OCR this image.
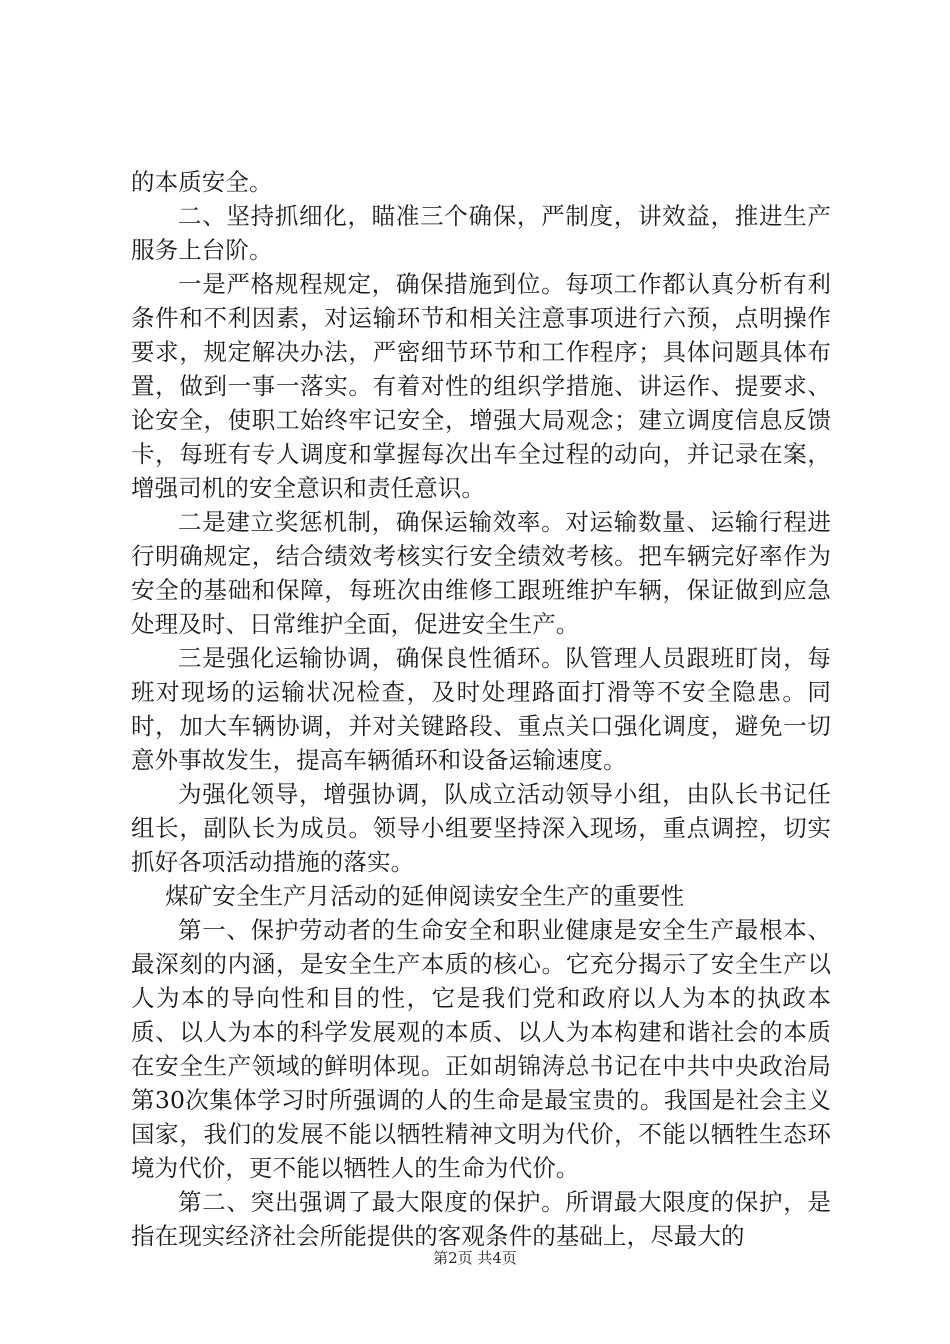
的本质安全。

二、坚持抓细化，瞄准三个确保，严制度，讲效益，推进生产服务上台阶。

一是严格规程规定，确保措施到位。每项工作都认真分析有利条件和不利因素，对运输环节和相关注意事项进行六预，点明操作要求，规定解决办法，严密细节环节和工作程序；具体问题具体布置，做到一事一落实。有着对性的组织学措施、讲运作、提要求、论安全，使职工始终牢记安全，增强大局观念；建立调度信息反馈卡，每班有专人调度和掌握每次出车全过程的动向，并记录在案，增强司机的安全意识和责任意识。

二是建立奖惩机制，确保运输效率。对运输数量、运输行程进行明确规定，结合绩效考核实行安全绩效考核。把车辆完好率作为安全的基础和保障，每班次由维修工跟班维护车辆，保证做到应急处理及时、日常维护全面，促进安全生产。

三是强化运输协调，确保良性循环。队管理人员跟班盯岗，每班对现场的运输状况检查，及时处理路面打滑等不安全隐患。同时，加大车辆协调，并对关键路段、重点关口强化调度，避免一切意外事故发生，提高车辆循环和设备运输速度。

为强化领导，增强协调，队成立活动领导小组，由队长书记任组长，副队长为成员。领导小组要坚持深入现场，重点调控，切实抓好各项活动措施的落实。

煤矿安全生产月活动的延伸阅读安全生产的重要性

第一、保护劳动者的生命安全和职业健康是安全生产最根本、最深刻的内涵，是安全生产本质的核心。它充分揭示了安全生产以人为本的导向性和目的性，它是我们党和政府以人为本的执政本质、以人为本的科学发展观的本质、以人为本构建和谐社会的本质在安全生产领域的鲜明体现。正如胡锦涛总书记在中共中央政治局第30次集体学习时所强调的人的生命是最宝贵的。我国是社会主义国家，我们的发展不能以牺牲精神文明为代价，不能以牺牲生态环境为代价，更不能以牺牲人的生命为代价。

第二、突出强调了最大限度的保护。所谓最大限度的保护，是指在现实经济社会所能提供的客观条件的基础上，尽最大的

第2页 共4页
